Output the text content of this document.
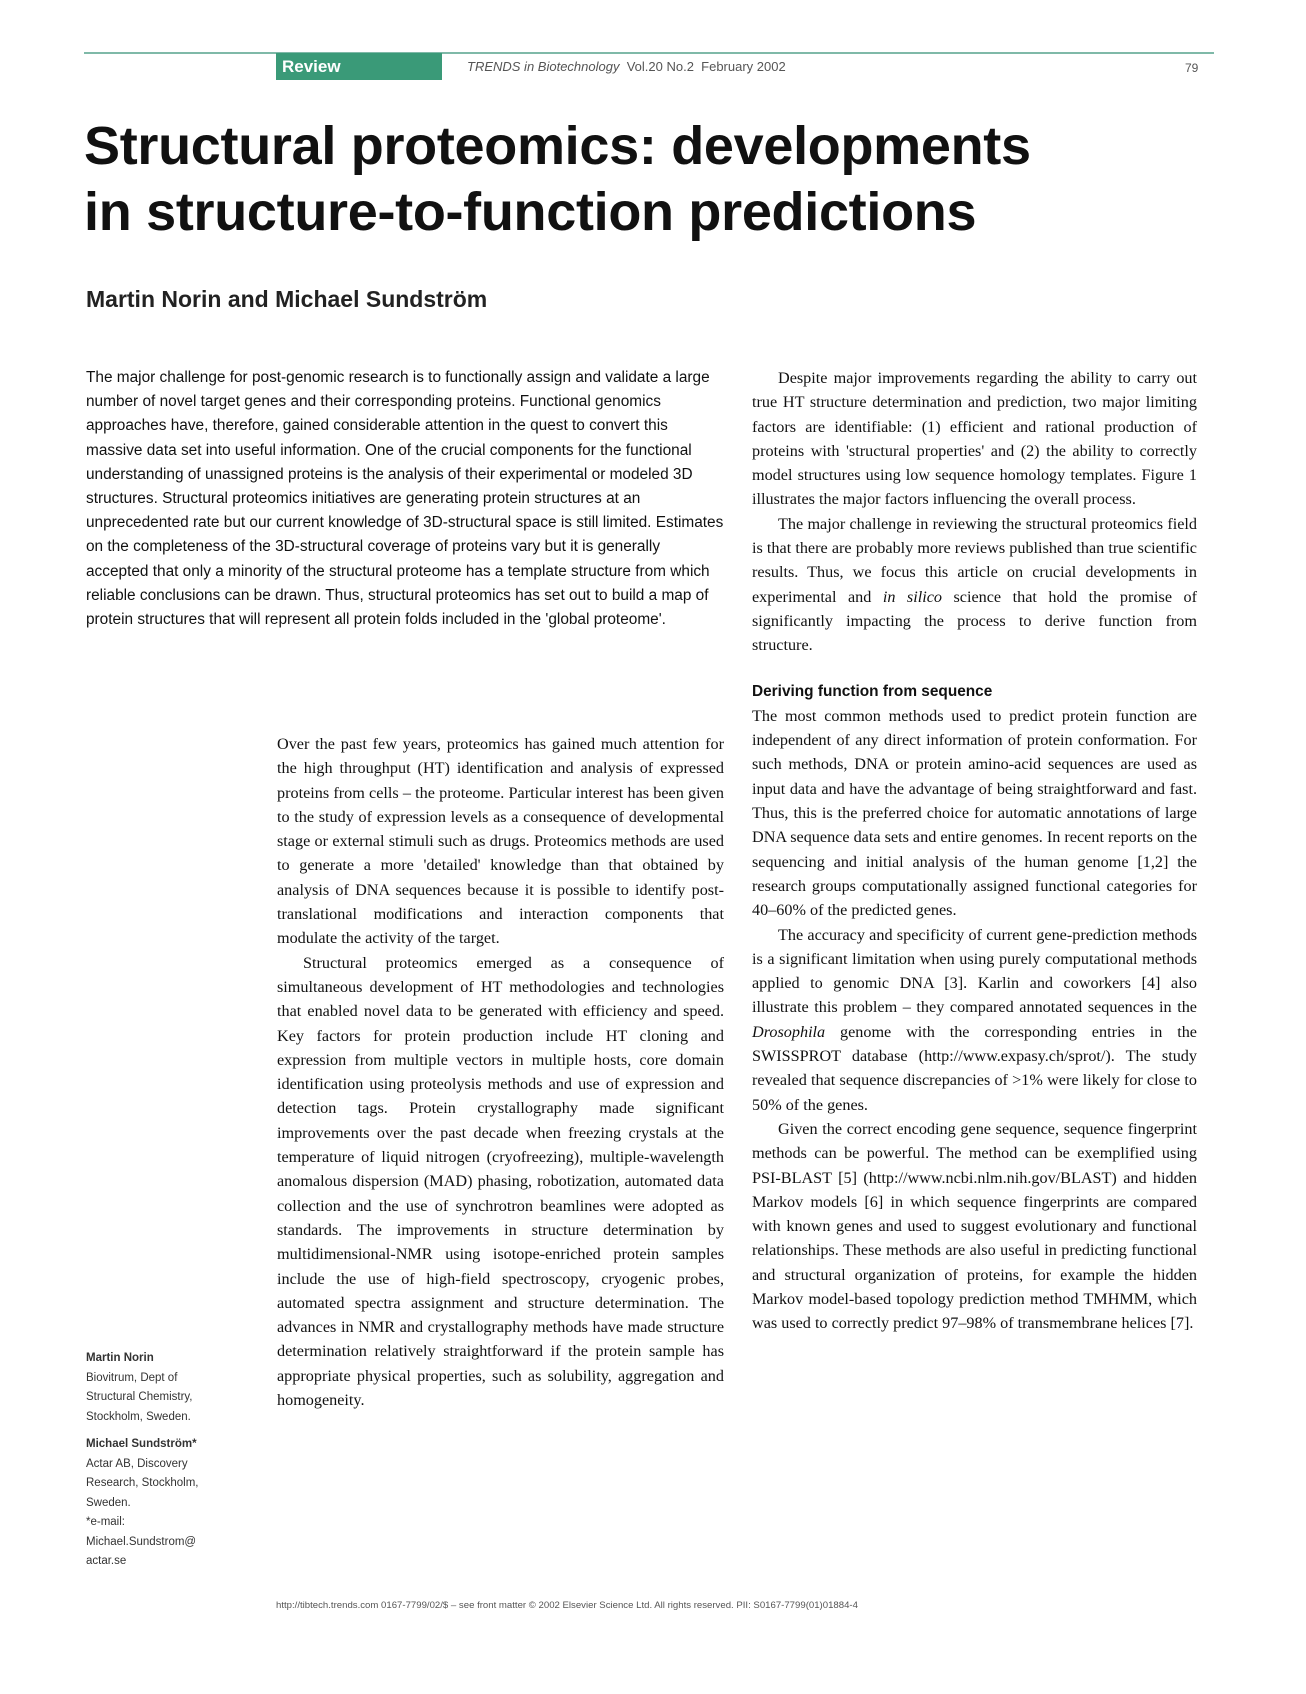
Review	TRENDS in Biotechnology Vol.20 No.2 February 2002	79
Structural proteomics: developments
in structure-to-function predictions
Martin Norin and Michael Sundström
The major challenge for post-genomic research is to functionally assign and validate a large number of novel target genes and their corresponding proteins. Functional genomics approaches have, therefore, gained considerable attention in the quest to convert this massive data set into useful information. One of the crucial components for the functional understanding of unassigned proteins is the analysis of their experimental or modeled 3D structures. Structural proteomics initiatives are generating protein structures at an unprecedented rate but our current knowledge of 3D-structural space is still limited. Estimates on the completeness of the 3D-structural coverage of proteins vary but it is generally accepted that only a minority of the structural proteome has a template structure from which reliable conclusions can be drawn. Thus, structural proteomics has set out to build a map of protein structures that will represent all protein folds included in the 'global proteome'.

Over the past few years, proteomics has gained much attention for the high throughput (HT) identification and analysis of expressed proteins from cells – the proteome. Particular interest has been given to the study of expression levels as a consequence of developmental stage or external stimuli such as drugs. Proteomics methods are used to generate a more 'detailed' knowledge than that obtained by analysis of DNA sequences because it is possible to identify post-translational modifications and interaction components that modulate the activity of the target.

Structural proteomics emerged as a consequence of simultaneous development of HT methodologies and technologies that enabled novel data to be generated with efficiency and speed. Key factors for protein production include HT cloning and expression from multiple vectors in multiple hosts, core domain identification using proteolysis methods and use of expression and detection tags. Protein crystallography made significant improvements over the past decade when freezing crystals at the temperature of liquid nitrogen (cryofreezing), multiple-wavelength anomalous dispersion (MAD) phasing, robotization, automated data collection and the use of synchrotron beamlines were adopted as standards. The improvements in structure determination by multidimensional-NMR using isotope-enriched protein samples include the use of high-field spectroscopy, cryogenic probes, automated spectra assignment and structure determination. The advances in NMR and crystallography methods have made structure determination relatively straightforward if the protein sample has appropriate physical properties, such as solubility, aggregation and homogeneity.

Despite major improvements regarding the ability to carry out true HT structure determination and prediction, two major limiting factors are identifiable: (1) efficient and rational production of proteins with 'structural properties' and (2) the ability to correctly model structures using low sequence homology templates. Figure 1 illustrates the major factors influencing the overall process.

The major challenge in reviewing the structural proteomics field is that there are probably more reviews published than true scientific results. Thus, we focus this article on crucial developments in experimental and in silico science that hold the promise of significantly impacting the process to derive function from structure.

Deriving function from sequence

The most common methods used to predict protein function are independent of any direct information of protein conformation. For such methods, DNA or protein amino-acid sequences are used as input data and have the advantage of being straightforward and fast. Thus, this is the preferred choice for automatic annotations of large DNA sequence data sets and entire genomes. In recent reports on the sequencing and initial analysis of the human genome [1,2] the research groups computationally assigned functional categories for 40–60% of the predicted genes.

The accuracy and specificity of current gene-prediction methods is a significant limitation when using purely computational methods applied to genomic DNA [3]. Karlin and coworkers [4] also illustrate this problem – they compared annotated sequences in the Drosophila genome with the corresponding entries in the SWISSPROT database (http://www.expasy.ch/sprot/). The study revealed that sequence discrepancies of >1% were likely for close to 50% of the genes.

Given the correct encoding gene sequence, sequence fingerprint methods can be powerful. The method can be exemplified using PSI-BLAST [5] (http://www.ncbi.nlm.nih.gov/BLAST) and hidden Markov models [6] in which sequence fingerprints are compared with known genes and used to suggest evolutionary and functional relationships. These methods are also useful in predicting functional and structural organization of proteins, for example the hidden Markov model-based topology prediction method TMHMM, which was used to correctly predict 97–98% of transmembrane helices [7].

Martin Norin
Biovitrum, Dept of
Structural Chemistry,
Stockholm, Sweden.
Michael Sundström*
Actar AB, Discovery
Research, Stockholm,
Sweden.
*e-mail:
Michael.Sundstrom@
actar.se
http://tibtech.trends.com 0167-7799/02/$ – see front matter © 2002 Elsevier Science Ltd. All rights reserved. PII: S0167-7799(01)01884-4
